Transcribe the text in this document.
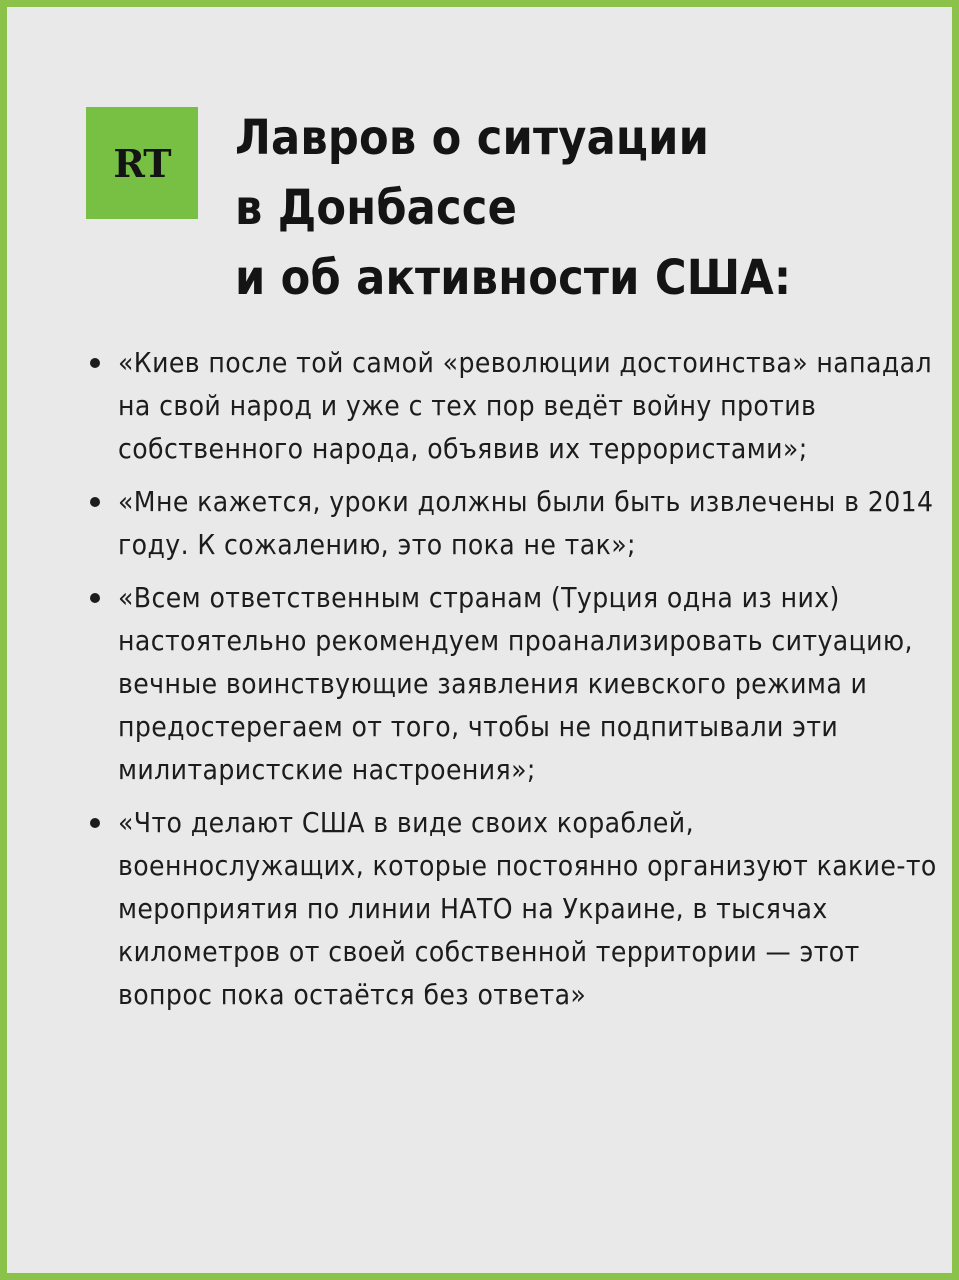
RT Лавров о ситуации
в Донбассе
и об активности США:
«Киев после той самой «революции достоинства» нападал на свой народ и уже с тех пор ведёт войну против собственного народа, объявив их террористами»;
«Мне кажется, уроки должны были быть извлечены в 2014 году. К сожалению, это пока не так»;
«Всем ответственным странам (Турция одна из них) настоятельно рекомендуем проанализировать ситуацию, вечные воинствующие заявления киевского режима и предостерегаем от того, чтобы не подпитывали эти милитаристские настроения»;
«Что делают США в виде своих кораблей, военнослужащих, которые постоянно организуют какие-то мероприятия по линии НАТО на Украине, в тысячах километров от своей собственной территории — этот вопрос пока остаётся без ответа»
